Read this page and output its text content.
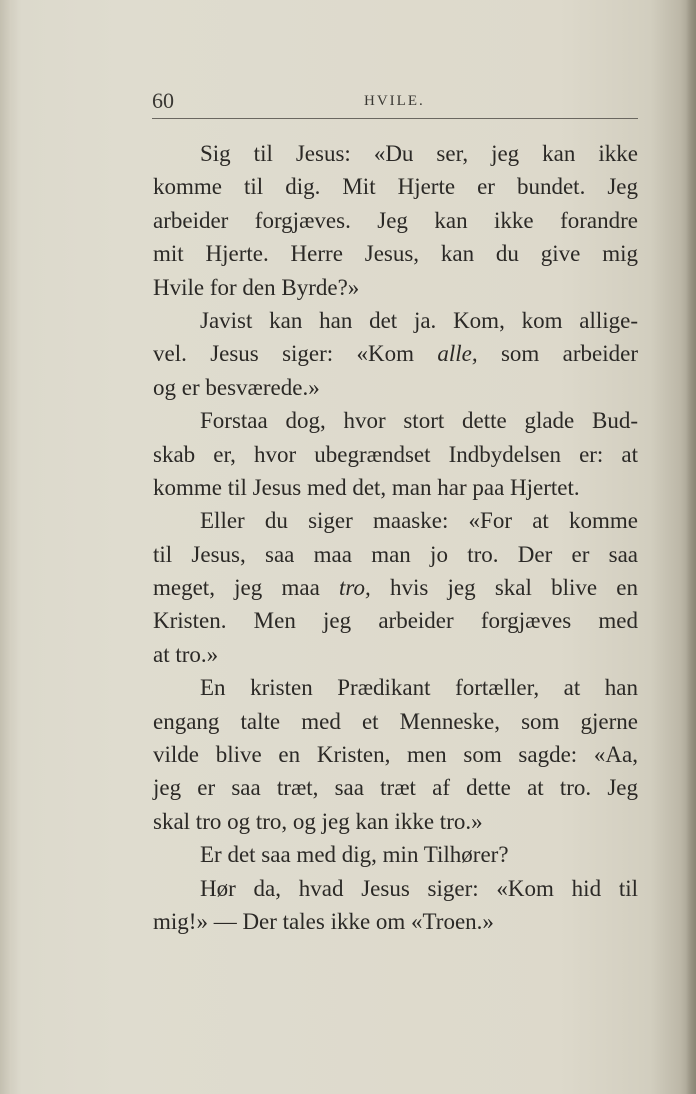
60	HVILE.
Sig til Jesus: «Du ser, jeg kan ikke
komme til dig. Mit Hjerte er bundet. Jeg
arbeider forgjæves. Jeg kan ikke forandre
mit Hjerte. Herre Jesus, kan du give mig
Hvile for den Byrde?»
Javist kan han det ja. Kom, kom allige-
vel. Jesus siger: «Kom alle, som arbeider
og er besværede.»
Forstaa dog, hvor stort dette glade Bud-
skab er, hvor ubegrændset Indbydelsen er: at
komme til Jesus med det, man har paa Hjertet.
Eller du siger maaske: «For at komme
til Jesus, saa maa man jo tro. Der er saa
meget, jeg maa tro, hvis jeg skal blive en
Kristen. Men jeg arbeider forgjæves med
at tro.»
En kristen Prædikant fortæller, at han
engang talte med et Menneske, som gjerne
vilde blive en Kristen, men som sagde: «Aa,
jeg er saa træt, saa træt af dette at tro. Jeg
skal tro og tro, og jeg kan ikke tro.»
Er det saa med dig, min Tilhører?
Hør da, hvad Jesus siger: «Kom hid til
mig!» — Der tales ikke om «Troen.»
